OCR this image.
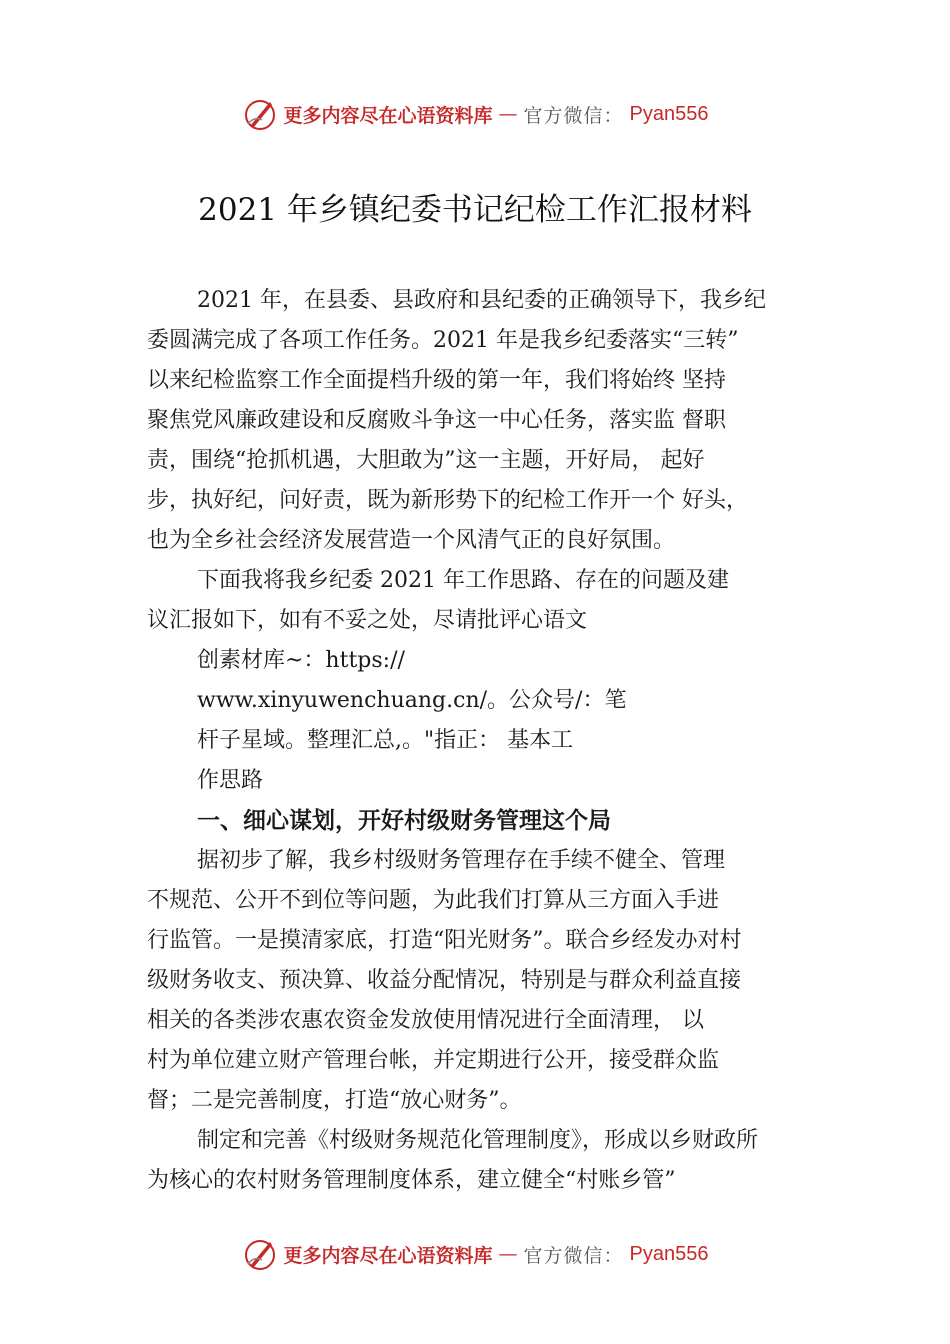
更多内容尽在心语资料库 — 官方微信： Pyan556
2021 年乡镇纪委书记纪检工作汇报材料
2021 年，在县委、县政府和县纪委的正确领导下，我乡纪
委圆满完成了各项工作任务。2021 年是我乡纪委落实“三转”
以来纪检监察工作全面提档升级的第一年，我们将始终 坚持
聚焦党风廉政建设和反腐败斗争这一中心任务，落实监 督职
责，围绕“抢抓机遇，大胆敢为”这一主题，开好局， 起好
步，执好纪，问好责，既为新形势下的纪检工作开一个 好头，
也为全乡社会经济发展营造一个风清气正的良好氛围。
下面我将我乡纪委 2021 年工作思路、存在的问题及建
议汇报如下，如有不妥之处，尽请批评心语文
创素材库~：https://
www.xinyuwenchuang.cn/。公众号/：笔
杆子星域。整理汇总,。"指正： 基本工
作思路
一、细心谋划，开好村级财务管理这个局
据初步了解，我乡村级财务管理存在手续不健全、管理
不规范、公开不到位等问题，为此我们打算从三方面入手进
行监管。一是摸清家底，打造“阳光财务”。联合乡经发办对村
级财务收支、预决算、收益分配情况，特别是与群众利益直接
相关的各类涉农惠农资金发放使用情况进行全面清理， 以
村为单位建立财产管理台帐，并定期进行公开，接受群众监
督；二是完善制度，打造“放心财务”。
制定和完善《村级财务规范化管理制度》，形成以乡财政所
为核心的农村财务管理制度体系，建立健全“村账乡管”
更多内容尽在心语资料库 — 官方微信： Pyan556
